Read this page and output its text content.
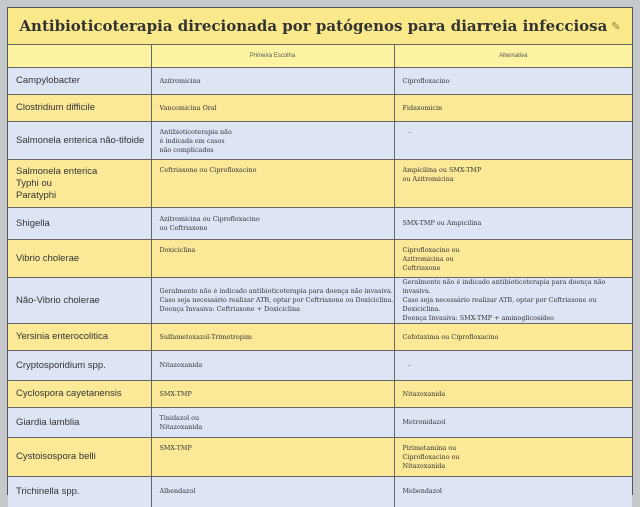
Antibioticoterapia direcionada por patógenos para diarreia infecciosa ✎
	Primeira Escolha	Alternativa
Campylobacter	Azitromicina	Ciprofloxacino
Clostridium difficile	Vancomicina Oral	Fidaxomicin
Salmonela enterica não-tifoide	Antibioticoterapia não
é indicada em casos
não complicados	-
Salmonela enterica
Typhi ou
Paratyphi	Ceftriaxone ou Ciprofloxacino	Ampicilina ou SMX-TMP
ou Azitromicina
Shigella	Azitromicina ou Ciprofloxacino
ou Ceftriaxone	SMX-TMP ou Ampicilina
Vibrio cholerae	Doxiciclina	Ciprofloxacino ou
Azitromicina ou
Ceftriaxone
Não-Vibrio cholerae	Geralmente não é indicado antibioticoterapia para doença não invasiva.
Caso seja necessário realizar ATB, optar por Ceftriaxone ou Doxiciclina.
Doença Invasiva: Ceftriaxone + Doxiciclina	Geralmente não é indicado antibioticoterapia para doença não invasiva.
Caso seja necessário realizar ATB, optar por Ceftriaxone ou Doxiciclina.
Doença Invasiva: SMX-TMP + aminoglicosídeo
Yersinia enterocolitica	Sulfametoxazol-Trimetropim	Cefotaxima ou Ciprofloxacino
Cryptosporidium spp.	Nitazoxanida	-
Cyclospora cayetanensis	SMX-TMP	Nitazoxanida
Giardia lamblia	Tinidazol ou
Nitazoxanida	Metronidazol
Cystoisospora belli	SMX-TMP	Pirimetamina ou
Ciprofloxacino ou
Nitazoxanida
Trichinella spp.	Albendazol	Mebendazol
